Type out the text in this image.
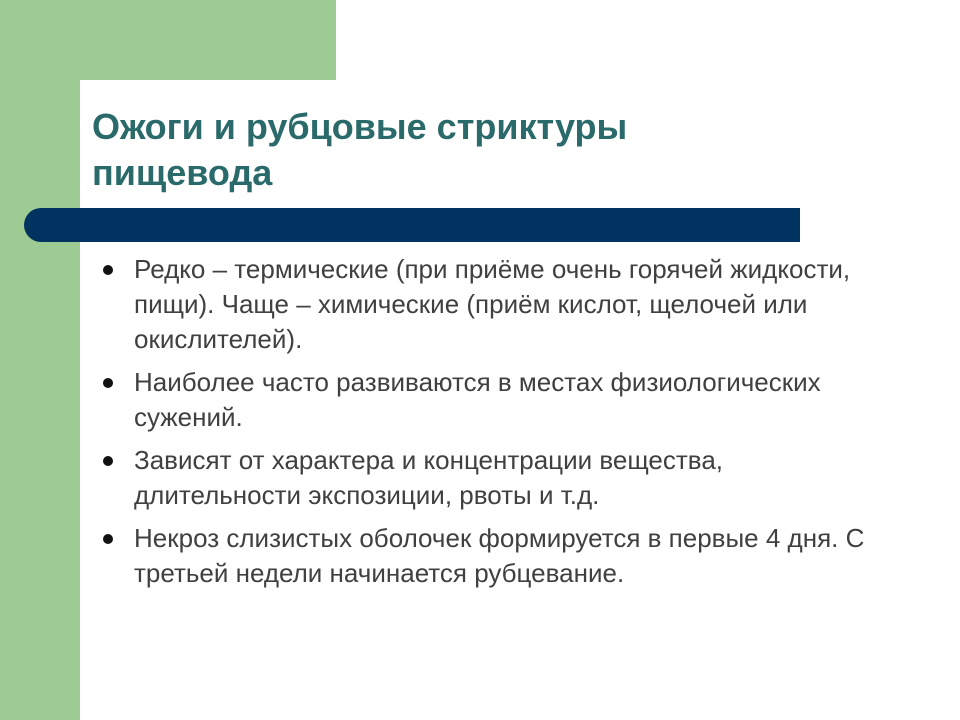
Ожоги и рубцовые стриктуры пищевода
Редко – термические (при приёме очень горячей жидкости, пищи). Чаще – химические (приём кислот, щелочей или окислителей).
Наиболее часто развиваются в местах физиологических сужений.
Зависят от характера и концентрации вещества, длительности экспозиции, рвоты и т.д.
Некроз слизистых оболочек формируется в первые 4 дня. С третьей недели начинается рубцевание.
